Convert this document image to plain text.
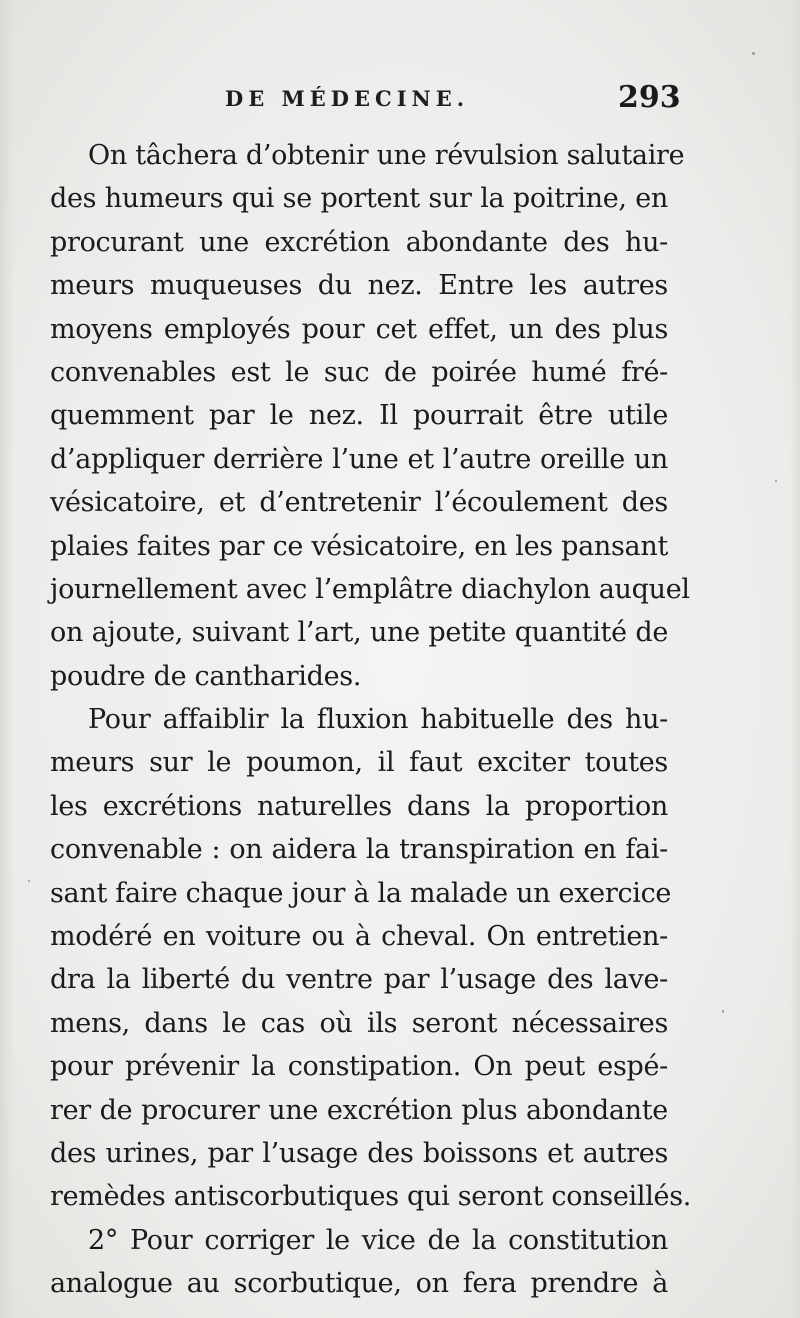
DE MÉDECINE.	293
On tâchera d’obtenir une révulsion salutaire
des humeurs qui se portent sur la poitrine, en
procurant une excrétion abondante des hu-
meurs muqueuses du nez. Entre les autres
moyens employés pour cet effet, un des plus
convenables est le suc de poirée humé fré-
quemment par le nez. Il pourrait être utile
d’appliquer derrière l’une et l’autre oreille un
vésicatoire, et d’entretenir l’écoulement des
plaies faites par ce vésicatoire, en les pansant
journellement avec l’emplâtre diachylon auquel
on ajoute, suivant l’art, une petite quantité de
poudre de cantharides.
Pour affaiblir la fluxion habituelle des hu-
meurs sur le poumon, il faut exciter toutes
les excrétions naturelles dans la proportion
convenable : on aidera la transpiration en fai-
sant faire chaque jour à la malade un exercice
modéré en voiture ou à cheval. On entretien-
dra la liberté du ventre par l’usage des lave-
mens, dans le cas où ils seront nécessaires
pour prévenir la constipation. On peut espé-
rer de procurer une excrétion plus abondante
des urines, par l’usage des boissons et autres
remèdes antiscorbutiques qui seront conseillés.
2° Pour corriger le vice de la constitution
analogue au scorbutique, on fera prendre à
